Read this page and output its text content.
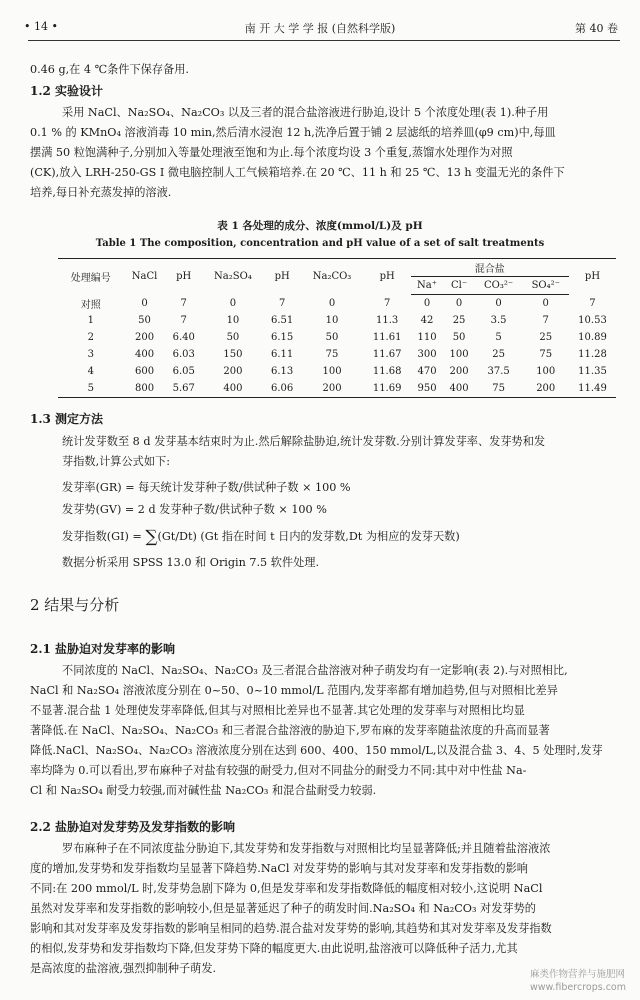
• 14 •	南 开 大 学 学 报 (自然科学版)	第 40 卷
0.46 g,在 4 ℃条件下保存备用.
1.2 实验设计
采用 NaCl、Na₂SO₄、Na₂CO₃ 以及三者的混合盐溶液进行胁迫,设计 5 个浓度处理(表 1).种子用
0.1 % 的 KMnO₄ 溶液消毒 10 min,然后清水浸泡 12 h,洗净后置于铺 2 层滤纸的培养皿(φ9 cm)中,每皿
摆满 50 粒饱满种子,分别加入等量处理液至饱和为止.每个浓度均设 3 个重复,蒸馏水处理作为对照
(CK),放入 LRH-250-GS Ⅰ 微电脑控制人工气候箱培养.在 20 ℃、11 h 和 25 ℃、13 h 变温无光的条件下
培养,每日补充蒸发掉的溶液.
表 1 各处理的成分、浓度(mmol/L)及 pH
Table 1 The composition, concentration and pH value of a set of salt treatments
处理编号	NaCl	pH	Na₂SO₄	pH	Na₂CO₃	pH	混合盐				pH
							Na⁺	Cl⁻	CO₃²⁻	SO₄²⁻	
对照	0	7	0	7	0	7	0	0	0	0	7
1	50	7	10	6.51	10	11.3	42	25	3.5	7	10.53
2	200	6.40	50	6.15	50	11.61	110	50	5	25	10.89
3	400	6.03	150	6.11	75	11.67	300	100	25	75	11.28
4	600	6.05	200	6.13	100	11.68	470	200	37.5	100	11.35
5	800	5.67	400	6.06	200	11.69	950	400	75	200	11.49
1.3 测定方法
统计发芽数至 8 d 发芽基本结束时为止.然后解除盐胁迫,统计发芽数.分别计算发芽率、发芽势和发
芽指数,计算公式如下:
发芽率(GR) = 每天统计发芽种子数/供试种子数 × 100 %
发芽势(GV) = 2 d 发芽种子数/供试种子数 × 100 %
发芽指数(GI) = ∑(Gt/Dt) (Gt 指在时间 t 日内的发芽数,Dt 为相应的发芽天数)
数据分析采用 SPSS 13.0 和 Origin 7.5 软件处理.
2 结果与分析
2.1 盐胁迫对发芽率的影响
不同浓度的 NaCl、Na₂SO₄、Na₂CO₃ 及三者混合盐溶液对种子萌发均有一定影响(表 2).与对照相比,
NaCl 和 Na₂SO₄ 溶液浓度分别在 0~50、0~10 mmol/L 范围内,发芽率都有增加趋势,但与对照相比差异
不显著.混合盐 1 处理使发芽率降低,但其与对照相比差异也不显著.其它处理的发芽率与对照相比均显
著降低.在 NaCl、Na₂SO₄、Na₂CO₃ 和三者混合盐溶液的胁迫下,罗布麻的发芽率随盐浓度的升高而显著
降低.NaCl、Na₂SO₄、Na₂CO₃ 溶液浓度分别在达到 600、400、150 mmol/L,以及混合盐 3、4、5 处理时,发芽
率均降为 0.可以看出,罗布麻种子对盐有较强的耐受力,但对不同盐分的耐受力不同:其中对中性盐 Na-
Cl 和 Na₂SO₄ 耐受力较强,而对碱性盐 Na₂CO₃ 和混合盐耐受力较弱.
2.2 盐胁迫对发芽势及发芽指数的影响
罗布麻种子在不同浓度盐分胁迫下,其发芽势和发芽指数与对照相比均呈显著降低;并且随着盐溶液浓
度的增加,发芽势和发芽指数均呈显著下降趋势.NaCl 对发芽势的影响与其对发芽率和发芽指数的影响
不同:在 200 mmol/L 时,发芽势急剧下降为 0,但是发芽率和发芽指数降低的幅度相对较小,这说明 NaCl
虽然对发芽率和发芽指数的影响较小,但是显著延迟了种子的萌发时间.Na₂SO₄ 和 Na₂CO₃ 对发芽势的
影响和其对发芽率及发芽指数的影响呈相同的趋势.混合盐对发芽势的影响,其趋势和其对发芽率及发芽指数
的相似,发芽势和发芽指数均下降,但发芽势下降的幅度更大.由此说明,盐溶液可以降低种子活力,尤其
是高浓度的盐溶液,强烈抑制种子萌发.	麻类作物营养与施肥网
www.fibercrops.com
